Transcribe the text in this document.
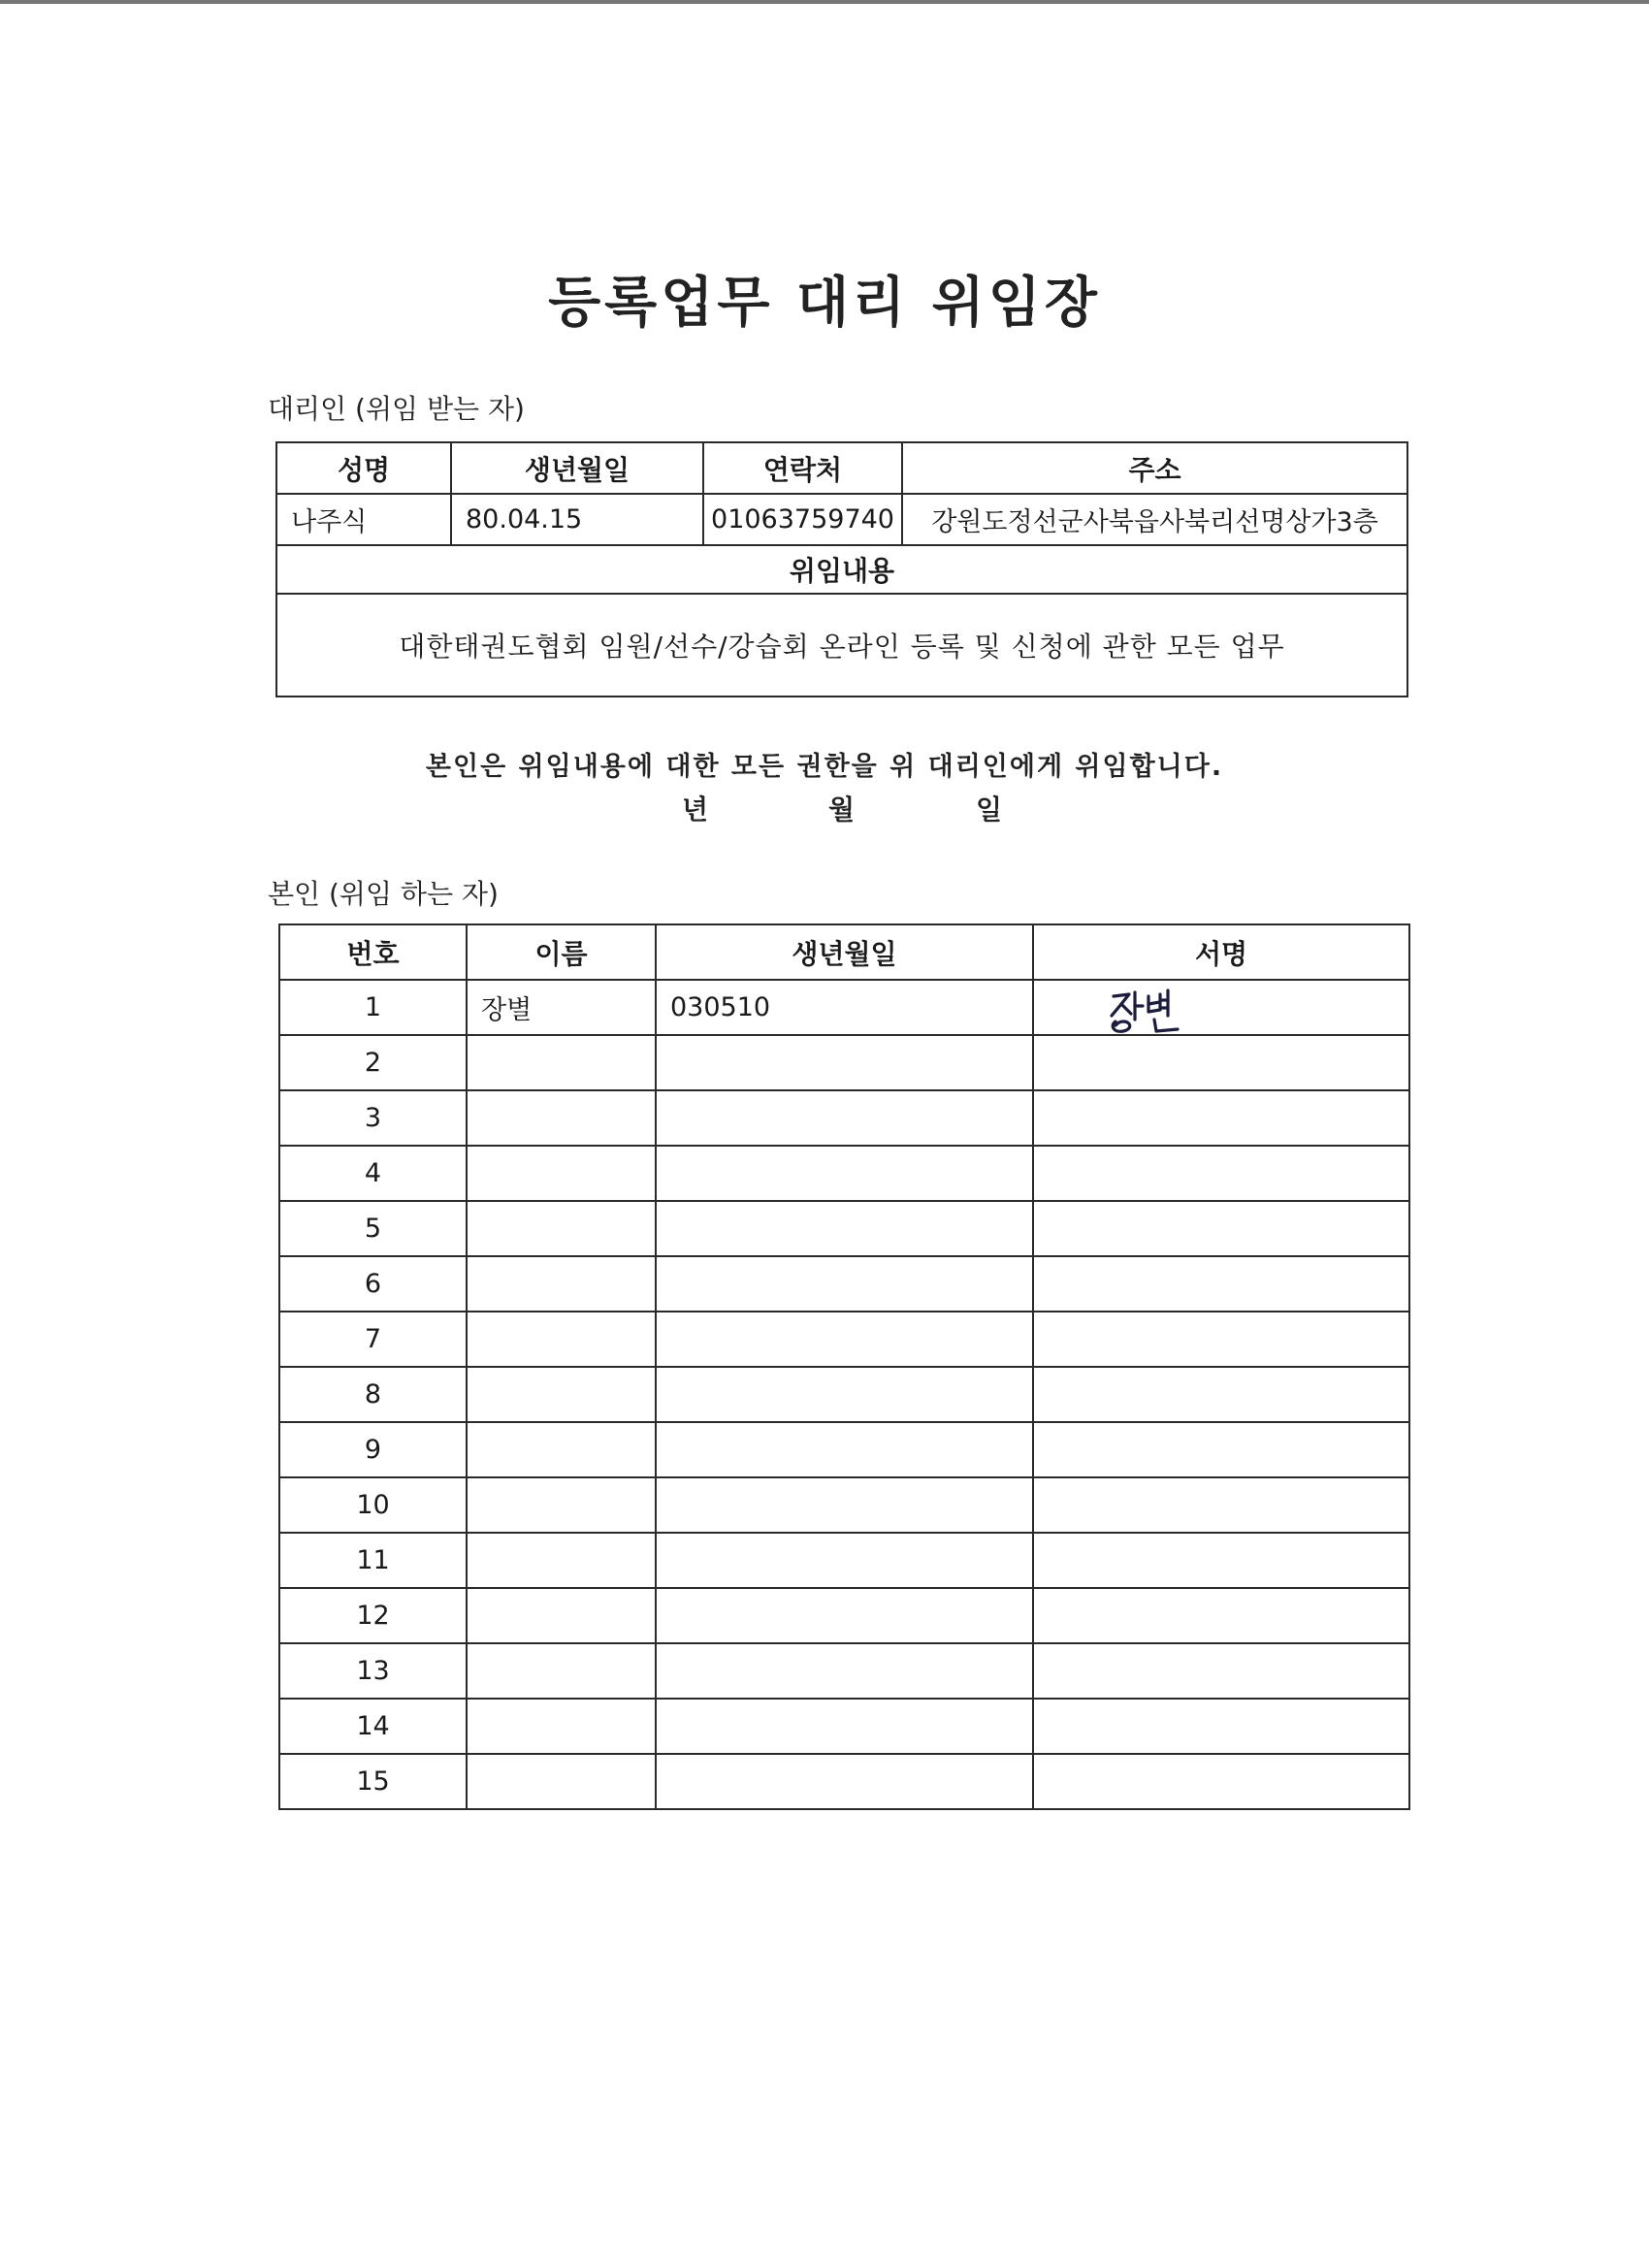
등록업무 대리 위임장
대리인 (위임 받는 자)
성명	생년월일	연락처	주소
나주식	80.04.15	01063759740	강원도정선군사북읍사북리선명상가3층
위임내용			
대한태권도협회 임원/선수/강습회 온라인 등록 및 신청에 관한 모든 업무			
본인은 위임내용에 대한 모든 권한을 위 대리인에게 위임합니다.
년	월	일
본인 (위임 하는 자)
번호	이름	생년월일	서명
1	장별	030510	

2			
3			
4			
5			
6			
7			
8			
9			
10			
11			
12			
13			
14			
15			
